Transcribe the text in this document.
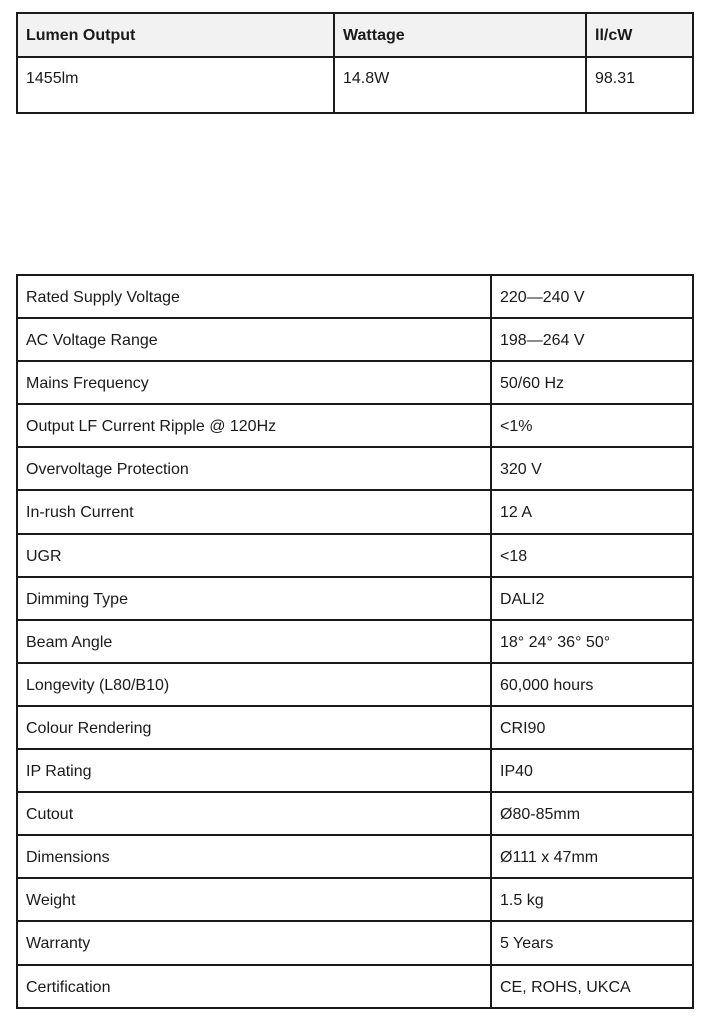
Lumen Output	Wattage	ll/cW
1455lm	14.8W	98.31
Rated Supply Voltage	220—240 V
AC Voltage Range	198—264 V
Mains Frequency	50/60 Hz
Output LF Current Ripple @ 120Hz	<1%
Overvoltage Protection	320 V
In-rush Current	12 A
UGR	<18
Dimming Type	DALI2
Beam Angle	18° 24° 36° 50°
Longevity (L80/B10)	60,000 hours
Colour Rendering	CRI90
IP Rating	IP40
Cutout	Ø80-85mm
Dimensions	Ø111 x 47mm
Weight	1.5 kg
Warranty	5 Years
Certification	CE, ROHS, UKCA
